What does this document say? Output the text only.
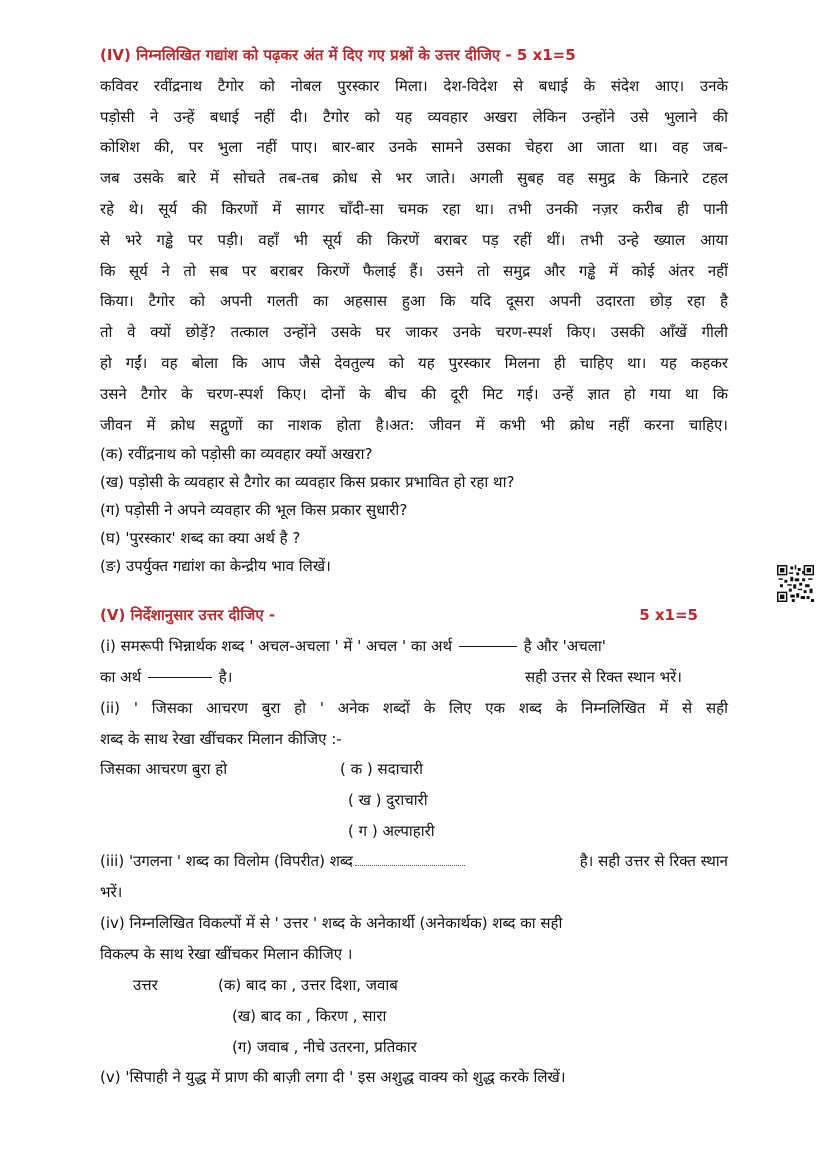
(IV) निम्नलिखित गद्यांश को पढ़कर अंत में दिए गए प्रश्नों के उत्तर दीजिए - 5 x1=5
कविवर रवींद्रनाथ टैगोर को नोबल पुरस्कार मिला। देश-विदेश से बधाई के संदेश आए। उनके
पड़ोसी ने उन्हें बधाई नहीं दी। टैगोर को यह व्यवहार अखरा लेकिन उन्होंने उसे भुलाने की
कोशिश की, पर भुला नहीं पाए। बार-बार उनके सामने उसका चेहरा आ जाता था। वह जब-
जब उसके बारे में सोचते तब-तब क्रोध से भर जाते। अगली सुबह वह समुद्र के किनारे टहल
रहे थे। सूर्य की किरणों में सागर चाँदी-सा चमक रहा था। तभी उनकी नज़र करीब ही पानी
से भरे गड्ढे पर पड़ी। वहाँ भी सूर्य की किरणें बराबर पड़ रहीं थीं। तभी उन्हे ख्याल आया
कि सूर्य ने तो सब पर बराबर किरणें फैलाई हैं। उसने तो समुद्र और गड्ढे में कोई अंतर नहीं
किया। टैगोर को अपनी गलती का अहसास हुआ कि यदि दूसरा अपनी उदारता छोड़ रहा है
तो वे क्यों छोड़ें? तत्काल उन्होंने उसके घर जाकर उनके चरण-स्पर्श किए। उसकी आँखें गीली
हो गईं। वह बोला कि आप जैसे देवतुल्य को यह पुरस्कार मिलना ही चाहिए था। यह कहकर
उसने टैगोर के चरण-स्पर्श किए। दोनों के बीच की दूरी मिट गई। उन्हें ज्ञात हो गया था कि
जीवन में क्रोध सद्गुणों का नाशक होता है।अत: जीवन में कभी भी क्रोध नहीं करना चाहिए।
(क) रवींद्रनाथ को पड़ोसी का व्यवहार क्यों अखरा?
(ख) पड़ोसी के व्यवहार से टैगोर का व्यवहार किस प्रकार प्रभावित हो रहा था?
(ग) पड़ोसी ने अपने व्यवहार की भूल किस प्रकार सुधारी?
(घ) 'पुरस्कार' शब्द का क्या अर्थ है ?
(ङ) उपर्युक्त गद्यांश का केन्द्रीय भाव लिखें।
(V) निर्देशानुसार उत्तर दीजिए -	5 x1=5
(i) समरूपी भिन्नार्थक शब्द ' अचल-अचला ' में ' अचल ' का अर्थ	है और 'अचला'
का अर्थ	है।	सही उत्तर से रिक्त स्थान भरें।
(ii) ' जिसका आचरण बुरा हो ' अनेक शब्दों के लिए एक शब्द के निम्नलिखित में से सही
शब्द के साथ रेखा खींचकर मिलान कीजिए :-
जिसका आचरण बुरा हो	( क ) सदाचारी
( ख ) दुराचारी
( ग ) अल्पाहारी
(iii) 'उगलना ' शब्द का विलोम (विपरीत) शब्द	है। सही उत्तर से रिक्त स्थान
भरें।
(iv) निम्नलिखित विकल्पों में से ' उत्तर ' शब्द के अनेकार्थी (अनेकार्थक) शब्द का सही
विकल्प के साथ रेखा खींचकर मिलान कीजिए ।
उत्तर	(क) बाद का , उत्तर दिशा, जवाब
(ख) बाद का , किरण , सारा
(ग) जवाब , नीचे उतरना, प्रतिकार
(v) 'सिपाही ने युद्ध में प्राण की बाज़ी लगा दी ' इस अशुद्ध वाक्य को शुद्ध करके लिखें।
